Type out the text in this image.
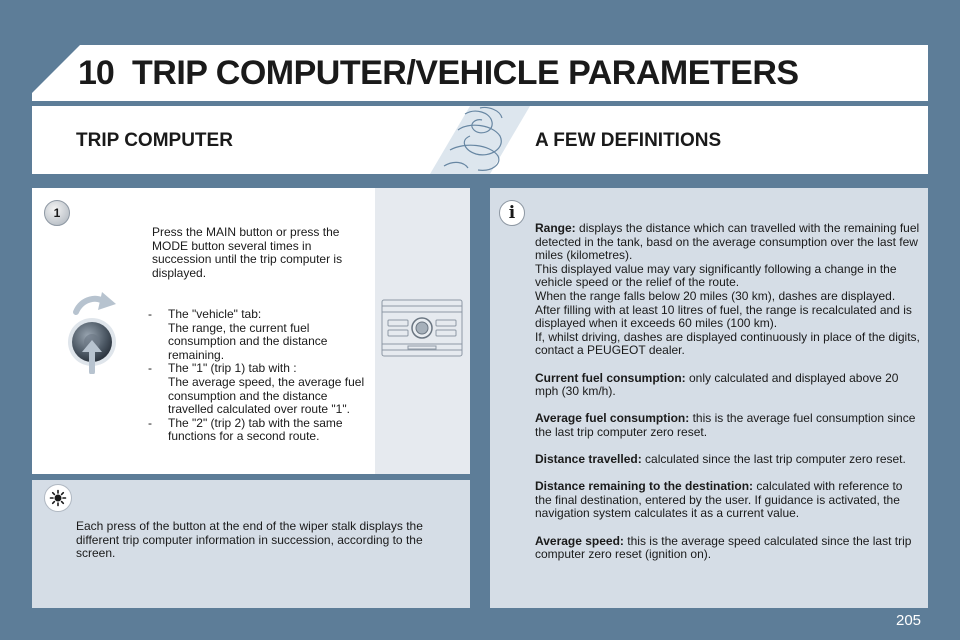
10 TRIP COMPUTER/VEHICLE PARAMETERS
TRIP COMPUTER	A FEW DEFINITIONS
1
Press the MAIN button or press the MODE button several times in succession until the trip computer is displayed.
-	The "vehicle" tab:
The range, the current fuel consumption and the distance remaining.
-	The "1" (trip 1) tab with :
The average speed, the average fuel consumption and the distance travelled calculated over route "1".
-	The "2" (trip 2) tab with the same
functions for a second route.
Each press of the button at the end of the wiper stalk displays the different trip computer information in succession, according to the screen.
i

Range: displays the distance which can travelled with the remaining fuel detected in the tank, basd on the average consumption over the last few miles (kilometres).
This displayed value may vary significantly following a change in the vehicle speed or the relief of the route.
When the range falls below 20 miles (30 km), dashes are displayed. After filling with at least 10 litres of fuel, the range is recalculated and is displayed when it exceeds 60 miles (100 km).
If, whilst driving, dashes are displayed continuously in place of the digits, contact a PEUGEOT dealer.

Current fuel consumption: only calculated and displayed above 20 mph (30 km/h).

Average fuel consumption: this is the average fuel consumption since the last trip computer zero reset.

Distance travelled: calculated since the last trip computer zero reset.

Distance remaining to the destination: calculated with reference to the final destination, entered by the user. If guidance is activated, the navigation system calculates it as a current value.

Average speed: this is the average speed calculated since the last trip computer zero reset (ignition on).

205
